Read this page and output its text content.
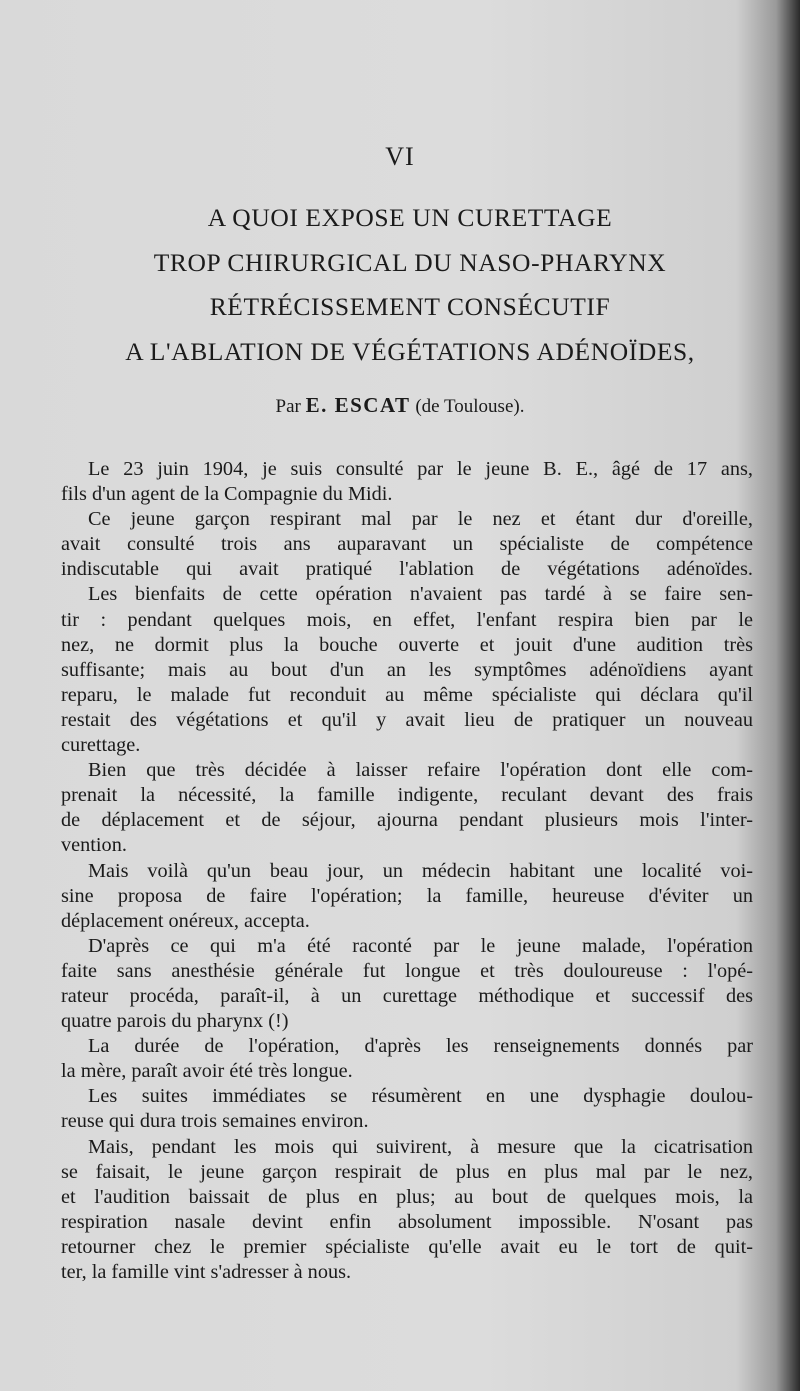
VI
A QUOI EXPOSE UN CURETTAGE
TROP CHIRURGICAL DU NASO-PHARYNX
RÉTRÉCISSEMENT CONSÉCUTIF
A L'ABLATION DE VÉGÉTATIONS ADÉNOÏDES,
Par E. ESCAT (de Toulouse).
Le 23 juin 1904, je suis consulté par le jeune B. E., âgé de 17 ans,
fils d'un agent de la Compagnie du Midi.
Ce jeune garçon respirant mal par le nez et étant dur d'oreille,
avait consulté trois ans auparavant un spécialiste de compétence
indiscutable qui avait pratiqué l'ablation de végétations adénoïdes.
Les bienfaits de cette opération n'avaient pas tardé à se faire sen-
tir : pendant quelques mois, en effet, l'enfant respira bien par le
nez, ne dormit plus la bouche ouverte et jouit d'une audition très
suffisante; mais au bout d'un an les symptômes adénoïdiens ayant
reparu, le malade fut reconduit au même spécialiste qui déclara qu'il
restait des végétations et qu'il y avait lieu de pratiquer un nouveau
curettage.
Bien que très décidée à laisser refaire l'opération dont elle com-
prenait la nécessité, la famille indigente, reculant devant des frais
de déplacement et de séjour, ajourna pendant plusieurs mois l'inter-
vention.
Mais voilà qu'un beau jour, un médecin habitant une localité voi-
sine proposa de faire l'opération; la famille, heureuse d'éviter un
déplacement onéreux, accepta.
D'après ce qui m'a été raconté par le jeune malade, l'opération
faite sans anesthésie générale fut longue et très douloureuse : l'opé-
rateur procéda, paraît-il, à un curettage méthodique et successif des
quatre parois du pharynx (!)
La durée de l'opération, d'après les renseignements donnés par
la mère, paraît avoir été très longue.
Les suites immédiates se résumèrent en une dysphagie doulou-
reuse qui dura trois semaines environ.
Mais, pendant les mois qui suivirent, à mesure que la cicatrisation
se faisait, le jeune garçon respirait de plus en plus mal par le nez,
et l'audition baissait de plus en plus; au bout de quelques mois, la
respiration nasale devint enfin absolument impossible. N'osant pas
retourner chez le premier spécialiste qu'elle avait eu le tort de quit-
ter, la famille vint s'adresser à nous.
